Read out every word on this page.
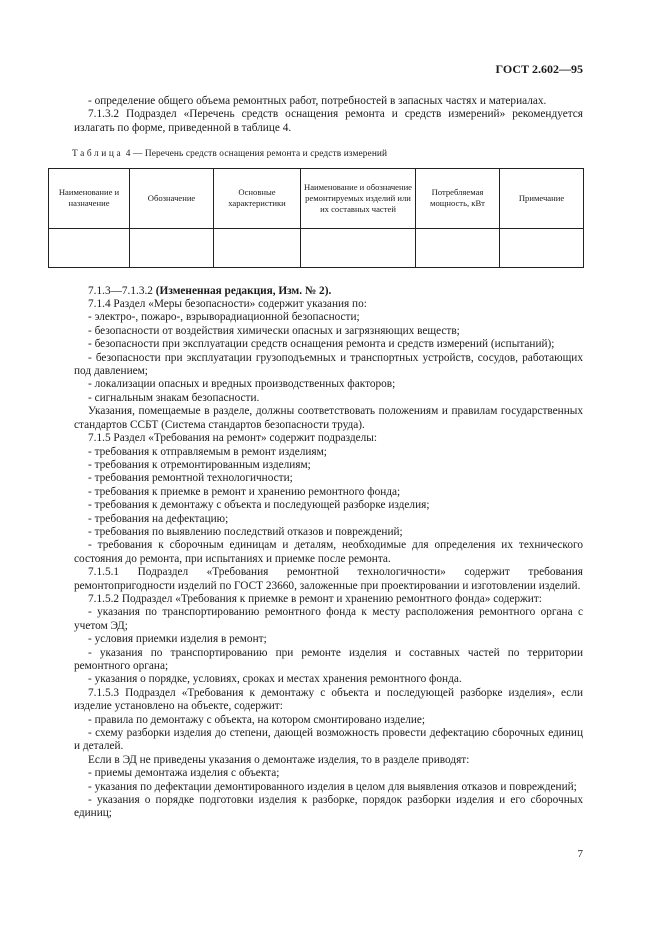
ГОСТ 2.602—95

- определение общего объема ремонтных работ, потребностей в запасных частях и материалах.

7.1.3.2 Подраздел «Перечень средств оснащения ремонта и средств измерений» рекомендуется излагать по форме, приведенной в таблице 4.

Таблица 4 — Перечень средств оснащения ремонта и средств измерений
Наименование и назначение	Обозначение	Основные характеристики	Наименование и обозначение ремонтируемых изделий или их составных частей	Потребляемая мощность, кВт	Примечание

7.1.3—7.1.3.2 (Измененная редакция, Изм. № 2).

7.1.4 Раздел «Меры безопасности» содержит указания по:

- электро-, пожаро-, взрыворадиационной безопасности;

- безопасности от воздействия химически опасных и загрязняющих веществ;

- безопасности при эксплуатации средств оснащения ремонта и средств измерений (испытаний);

- безопасности при эксплуатации грузоподъемных и транспортных устройств, сосудов, работающих под давлением;

- локализации опасных и вредных производственных факторов;

- сигнальным знакам безопасности.

Указания, помещаемые в разделе, должны соответствовать положениям и правилам государственных стандартов ССБТ (Система стандартов безопасности труда).

7.1.5 Раздел «Требования на ремонт» содержит подразделы:

- требования к отправляемым в ремонт изделиям;

- требования к отремонтированным изделиям;

- требования ремонтной технологичности;

- требования к приемке в ремонт и хранению ремонтного фонда;

- требования к демонтажу с объекта и последующей разборке изделия;

- требования на дефектацию;

- требования по выявлению последствий отказов и повреждений;

- требования к сборочным единицам и деталям, необходимые для определения их технического состояния до ремонта, при испытаниях и приемке после ремонта.

7.1.5.1 Подраздел «Требования ремонтной технологичности» содержит требования ремонтопригодности изделий по ГОСТ 23660, заложенные при проектировании и изготовлении изделий.

7.1.5.2 Подраздел «Требования к приемке в ремонт и хранению ремонтного фонда» содержит:

- указания по транспортированию ремонтного фонда к месту расположения ремонтного органа с учетом ЭД;

- условия приемки изделия в ремонт;

- указания по транспортированию при ремонте изделия и составных частей по территории ремонтного органа;

- указания о порядке, условиях, сроках и местах хранения ремонтного фонда.

7.1.5.3 Подраздел «Требования к демонтажу с объекта и последующей разборке изделия», если изделие установлено на объекте, содержит:

- правила по демонтажу с объекта, на котором смонтировано изделие;

- схему разборки изделия до степени, дающей возможность провести дефектацию сборочных единиц и деталей.

Если в ЭД не приведены указания о демонтаже изделия, то в разделе приводят:

- приемы демонтажа изделия с объекта;

- указания по дефектации демонтированного изделия в целом для выявления отказов и повреждений;

- указания о порядке подготовки изделия к разборке, порядок разборки изделия и его сборочных единиц;

7
